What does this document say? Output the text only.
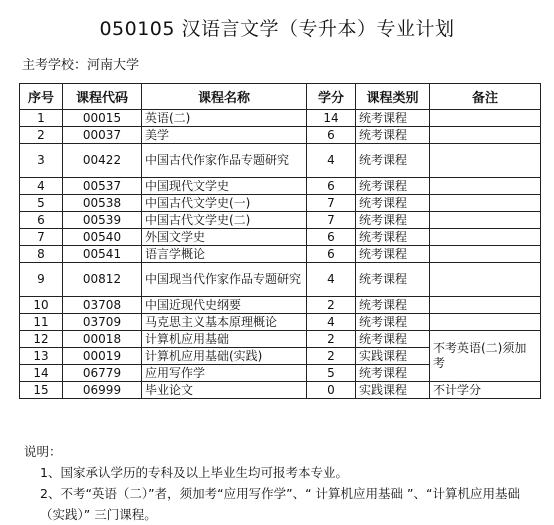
050105 汉语言文学（专升本）专业计划
主考学校：河南大学
序号	课程代码	课程名称	学分	课程类别	备注
1	00015	英语(二)	14	统考课程	
2	00037	美学	6	统考课程	
3	00422	中国古代作家作品专题研究	4	统考课程	
4	00537	中国现代文学史	6	统考课程	
5	00538	中国古代文学史(一)	7	统考课程	
6	00539	中国古代文学史(二)	7	统考课程	
7	00540	外国文学史	6	统考课程	
8	00541	语言学概论	6	统考课程	
9	00812	中国现当代作家作品专题研究	4	统考课程	
10	03708	中国近现代史纲要	2	统考课程	
11	03709	马克思主义基本原理概论	4	统考课程	
12	00018	计算机应用基础	2	统考课程	不考英语(二)须加考
13	00019	计算机应用基础(实践)	2	实践课程	
14	06779	应用写作学	5	统考课程	
15	06999	毕业论文	0	实践课程	不计学分
说明：
1、国家承认学历的专科及以上毕业生均可报考本专业。
2、不考“英语（二）”者，须加考“应用写作学”、“ 计算机应用基础 ”、“计算机应用基础（实践）” 三门课程。
